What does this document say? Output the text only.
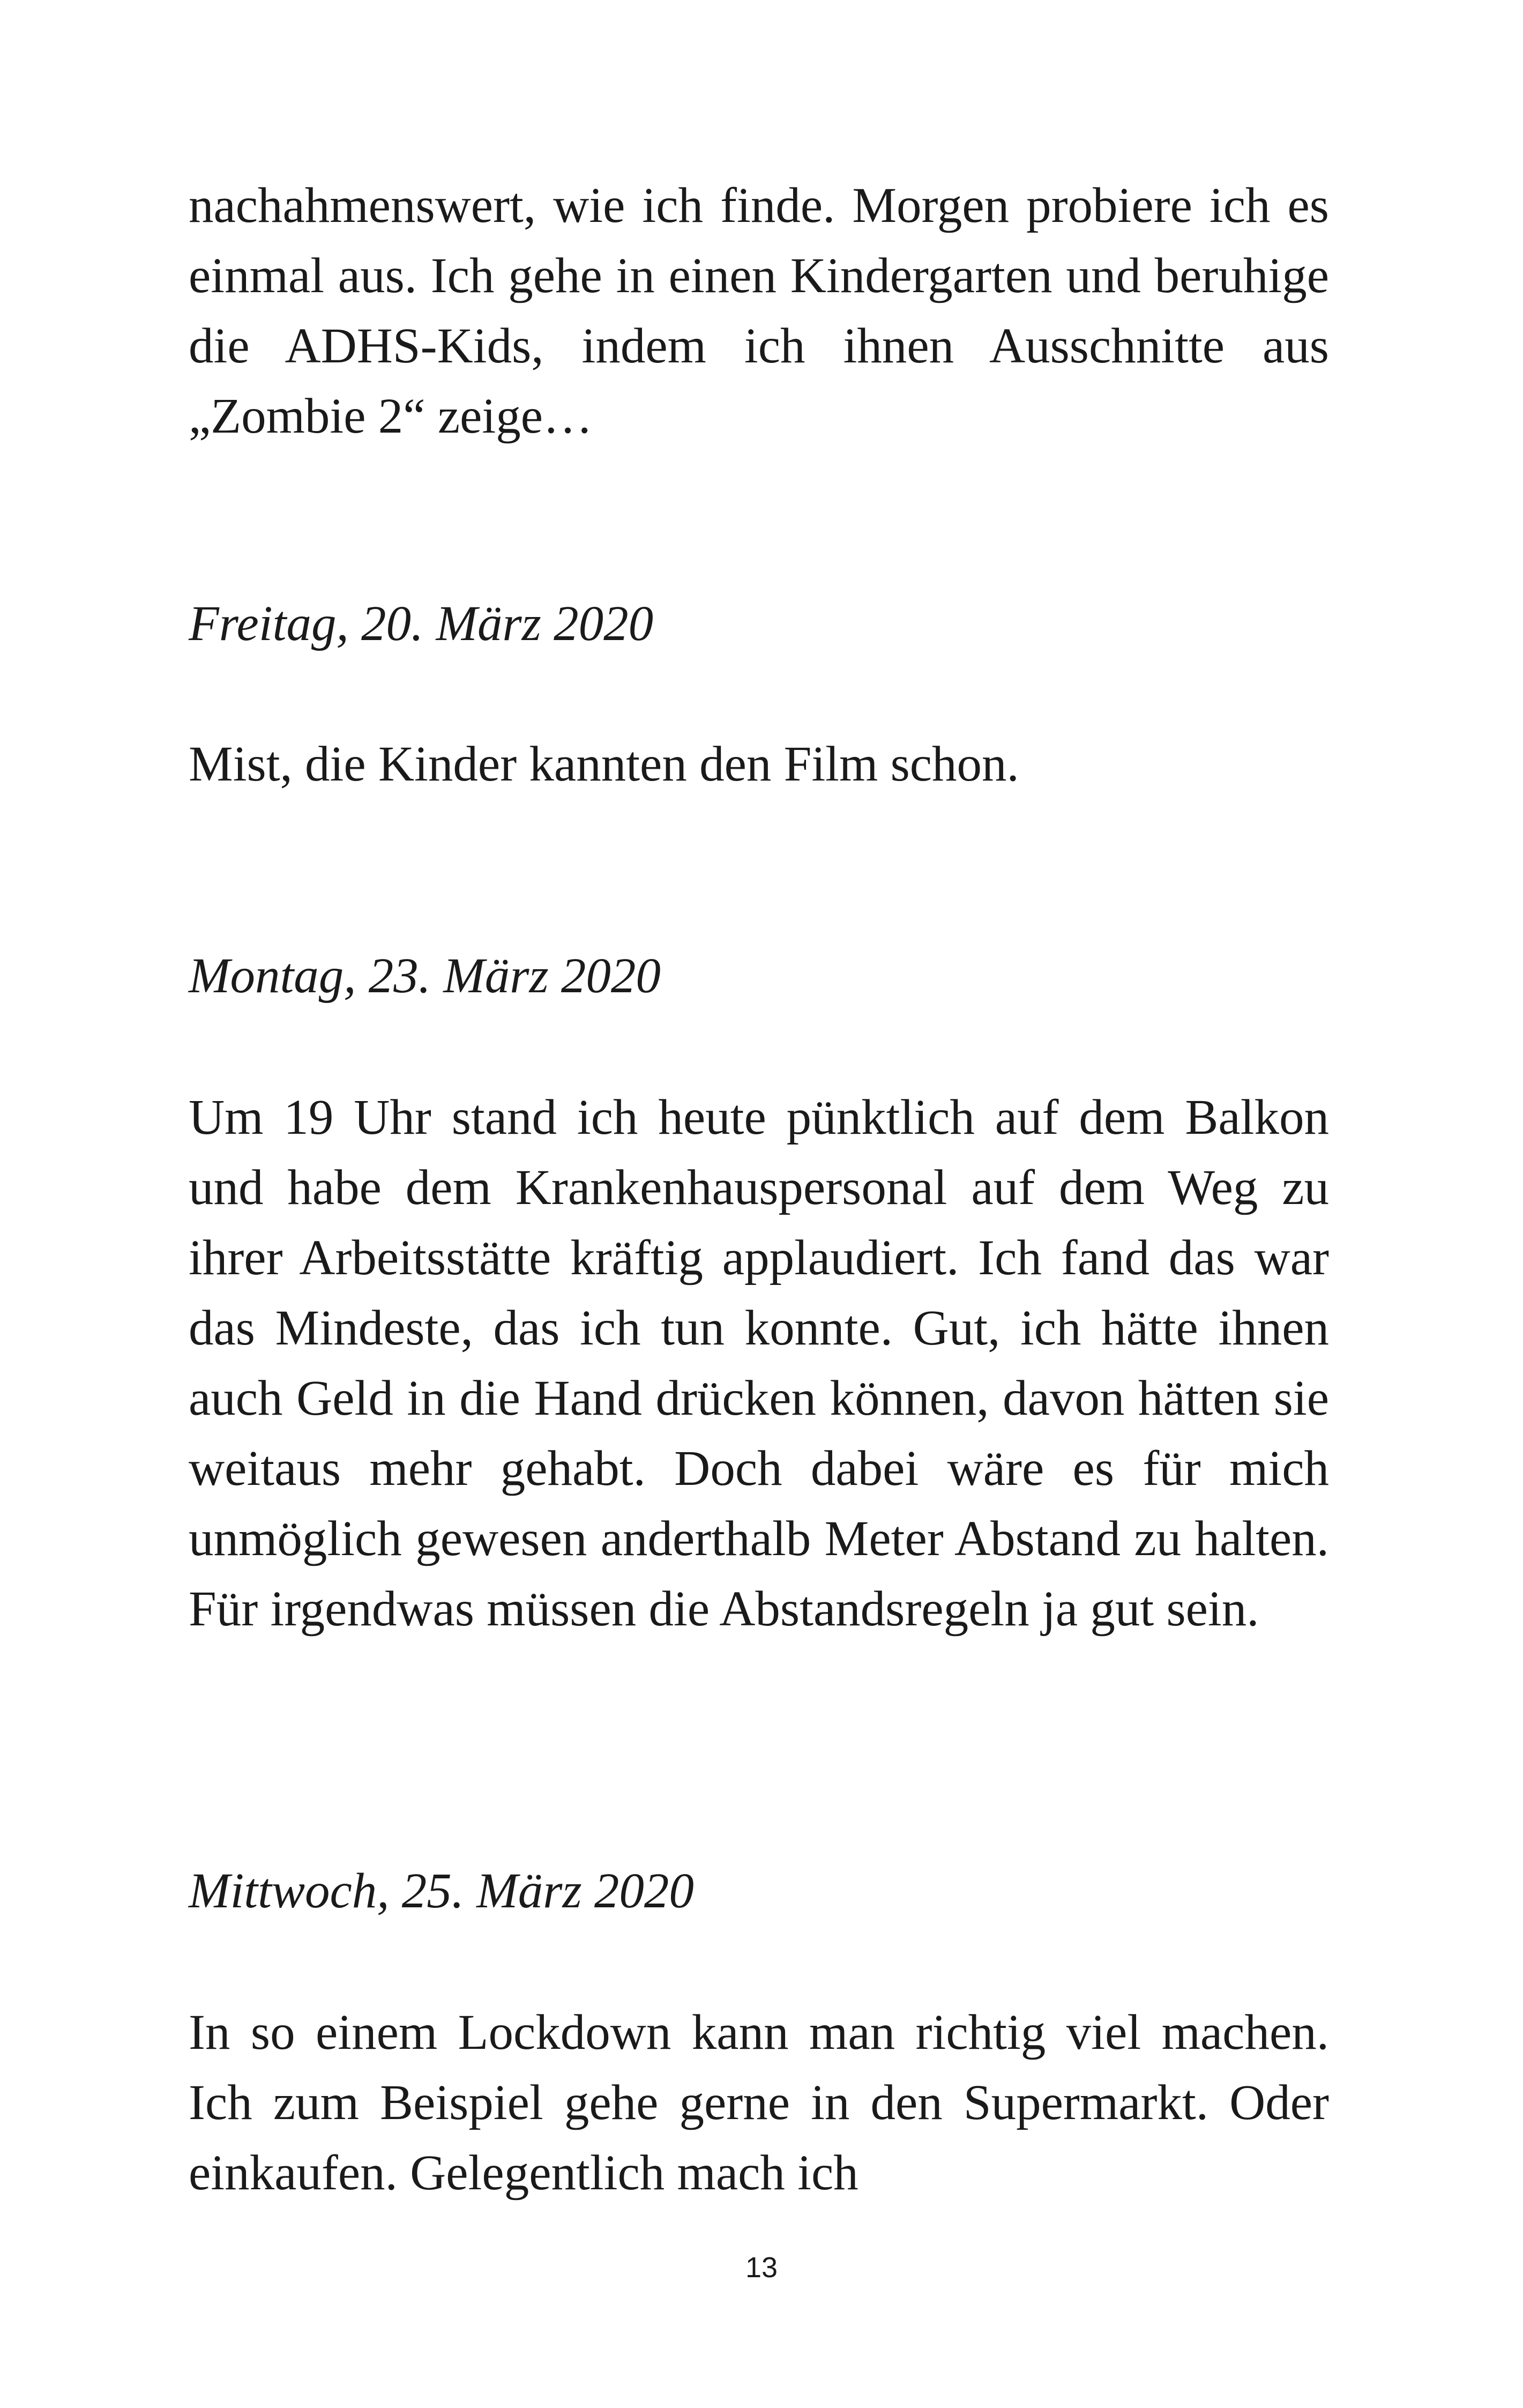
nachahmenswert, wie ich finde. Morgen probiere ich es einmal aus. Ich gehe in einen Kindergarten und beruhige die ADHS-Kids, indem ich ihnen Ausschnitte aus „Zombie 2“ zeige…

Freitag, 20. März 2020

Mist, die Kinder kannten den Film schon.

Montag, 23. März 2020

Um 19 Uhr stand ich heute pünktlich auf dem Balkon und habe dem Krankenhauspersonal auf dem Weg zu ihrer Arbeitsstätte kräftig applaudiert. Ich fand das war das Mindeste, das ich tun konnte. Gut, ich hätte ihnen auch Geld in die Hand drücken können, davon hätten sie weitaus mehr gehabt. Doch dabei wäre es für mich unmöglich gewesen anderthalb Meter Abstand zu halten. Für irgendwas müssen die Abstandsregeln ja gut sein.

Mittwoch, 25. März 2020

In so einem Lockdown kann man richtig viel machen. Ich zum Beispiel gehe gerne in den Supermarkt. Oder einkaufen. Gelegentlich mach ich

13
